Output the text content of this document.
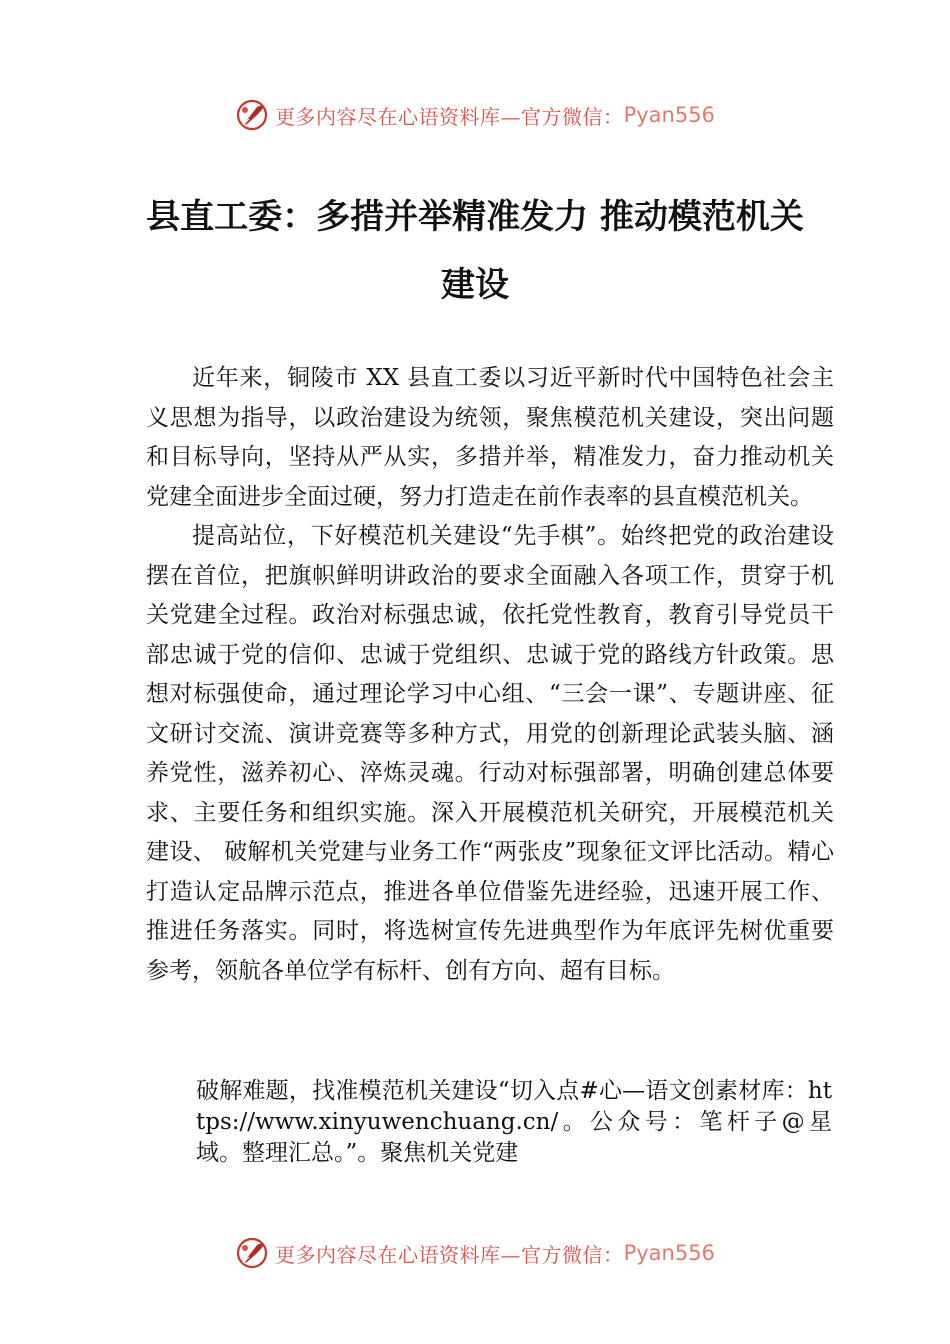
更多内容尽在心语资料库—官方微信： Pyan556
县直工委：多措并举精准发力 推动模范机关建设

近年来，铜陵市 XX 县直工委以习近平新时代中国特色社会主义思想为指导，以政治建设为统领，聚焦模范机关建设，突出问题和目标导向，坚持从严从实，多措并举，精准发力，奋力推动机关党建全面进步全面过硬，努力打造走在前作表率的县直模范机关。

提高站位，下好模范机关建设“先手棋”。始终把党的政治建设摆在首位，把旗帜鲜明讲政治的要求全面融入各项工作，贯穿于机关党建全过程。政治对标强忠诚，依托党性教育，教育引导党员干部忠诚于党的信仰、忠诚于党组织、忠诚于党的路线方针政策。思想对标强使命，通过理论学习中心组、“三会一课”、专题讲座、征文研讨交流、演讲竞赛等多种方式，用党的创新理论武装头脑、涵养党性，滋养初心、淬炼灵魂。行动对标强部署，明确创建总体要求、主要任务和组织实施。深入开展模范机关研究，开展模范机关建设、 破解机关党建与业务工作“两张皮”现象征文评比活动。精心打造认定品牌示范点，推进各单位借鉴先进经验，迅速开展工作、推进任务落实。同时，将选树宣传先进典型作为年底评先树优重要参考，领航各单位学有标杆、创有方向、超有目标。

破解难题，找准模范机关建设“切入点#心—语文创素材库：https://www.xinyuwenchuang.cn/。公众号：笔杆子@星域。整理汇总。”。聚焦机关党建

更多内容尽在心语资料库—官方微信： Pyan556
